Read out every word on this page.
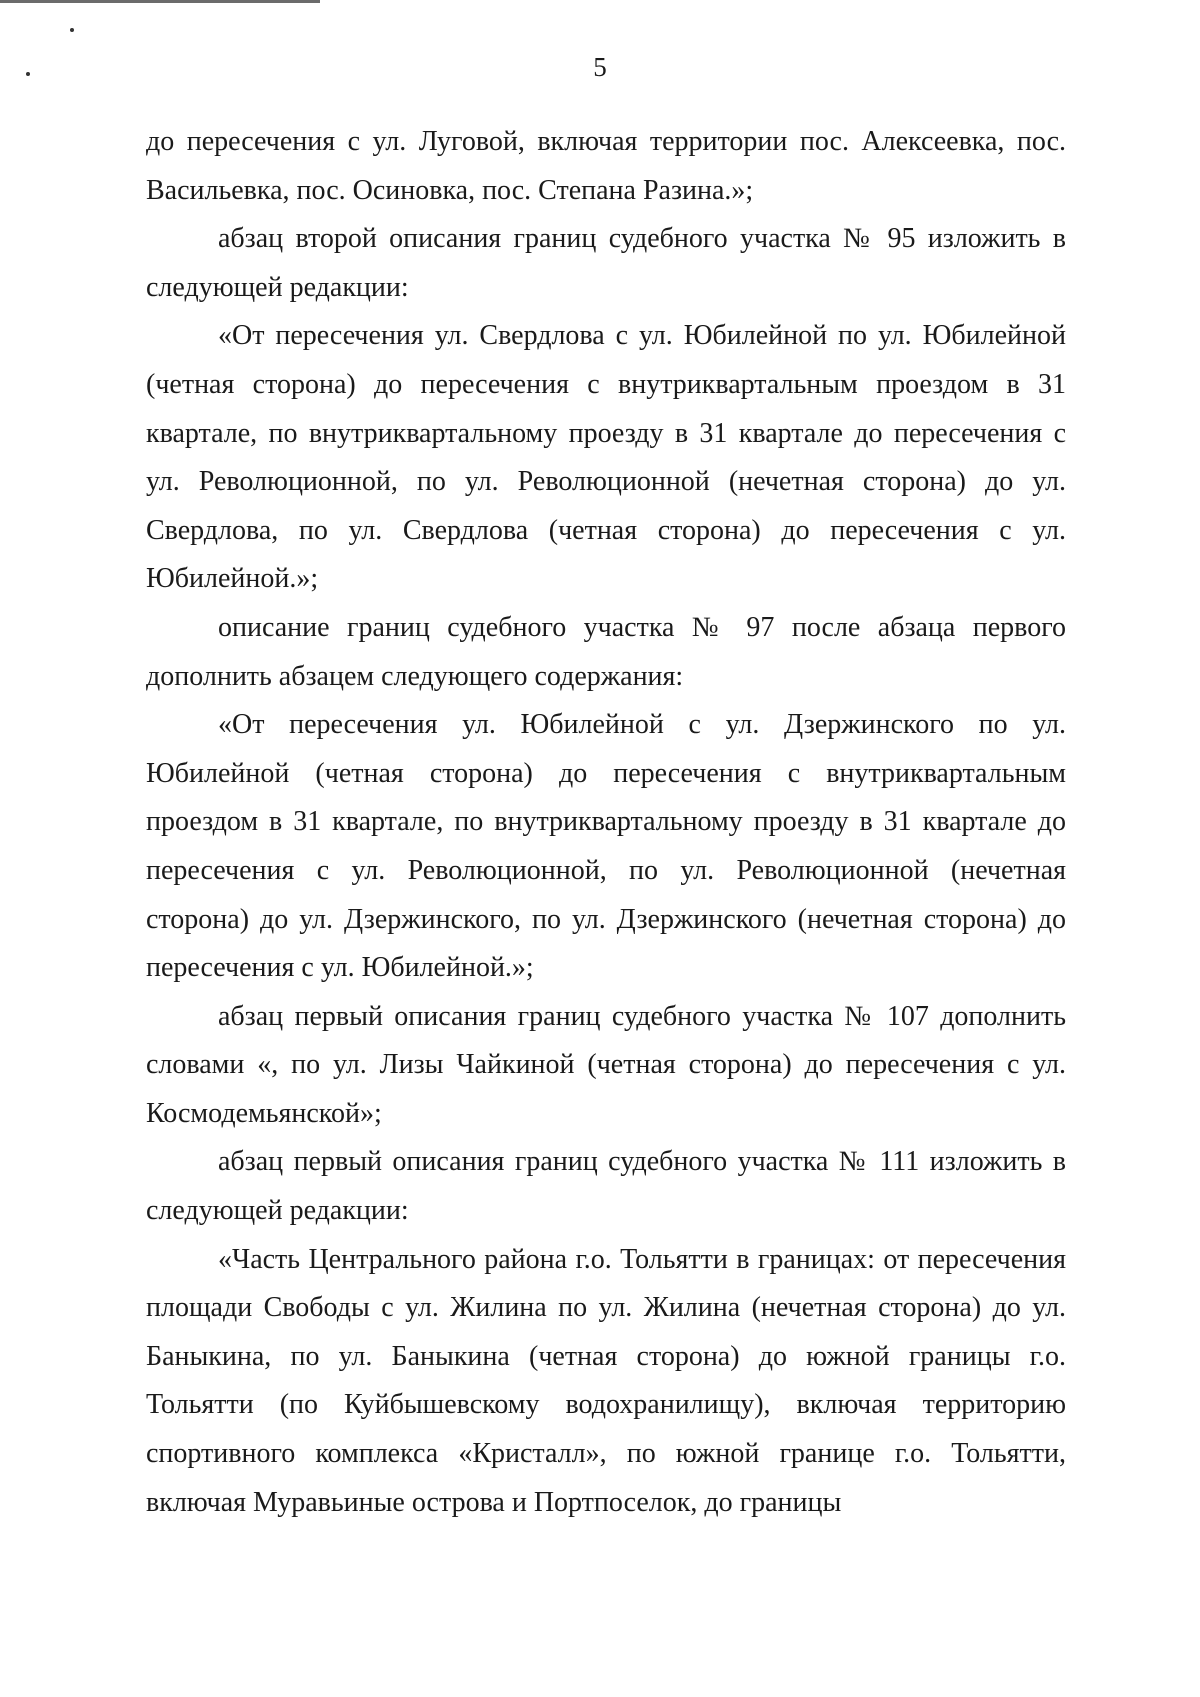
5

до пересечения с ул. Луговой, включая территории пос. Алексеевка, пос. Васильевка, пос. Осиновка, пос. Степана Разина.»;

абзац второй описания границ судебного участка № 95 изложить в следующей редакции:

«От пересечения ул. Свердлова с ул. Юбилейной по ул. Юбилейной (четная сторона) до пересечения с внутриквартальным проездом в 31 квартале, по внутриквартальному проезду в 31 квартале до пересечения с ул. Революционной, по ул. Революционной (нечетная сторона) до ул. Свердлова, по ул. Свердлова (четная сторона) до пересечения с ул. Юбилейной.»;

описание границ судебного участка № 97 после абзаца первого дополнить абзацем следующего содержания:

«От пересечения ул. Юбилейной с ул. Дзержинского по ул. Юбилейной (четная сторона) до пересечения с внутриквартальным проездом в 31 квартале, по внутриквартальному проезду в 31 квартале до пересечения с ул. Революционной, по ул. Революционной (нечетная сторона) до ул. Дзержинского, по ул. Дзержинского (нечетная сторона) до пересечения с ул. Юбилейной.»;

абзац первый описания границ судебного участка № 107 дополнить словами «, по ул. Лизы Чайкиной (четная сторона) до пересечения с ул. Космодемьянской»;

абзац первый описания границ судебного участка № 111 изложить в следующей редакции:

«Часть Центрального района г.о. Тольятти в границах: от пересечения площади Свободы с ул. Жилина по ул. Жилина (нечетная сторона) до ул. Баныкина, по ул. Баныкина (четная сторона) до южной границы г.о. Тольятти (по Куйбышевскому водохранилищу), включая территорию спортивного комплекса «Кристалл», по южной границе г.о. Тольятти, включая Муравьиные острова и Портпоселок, до границы
